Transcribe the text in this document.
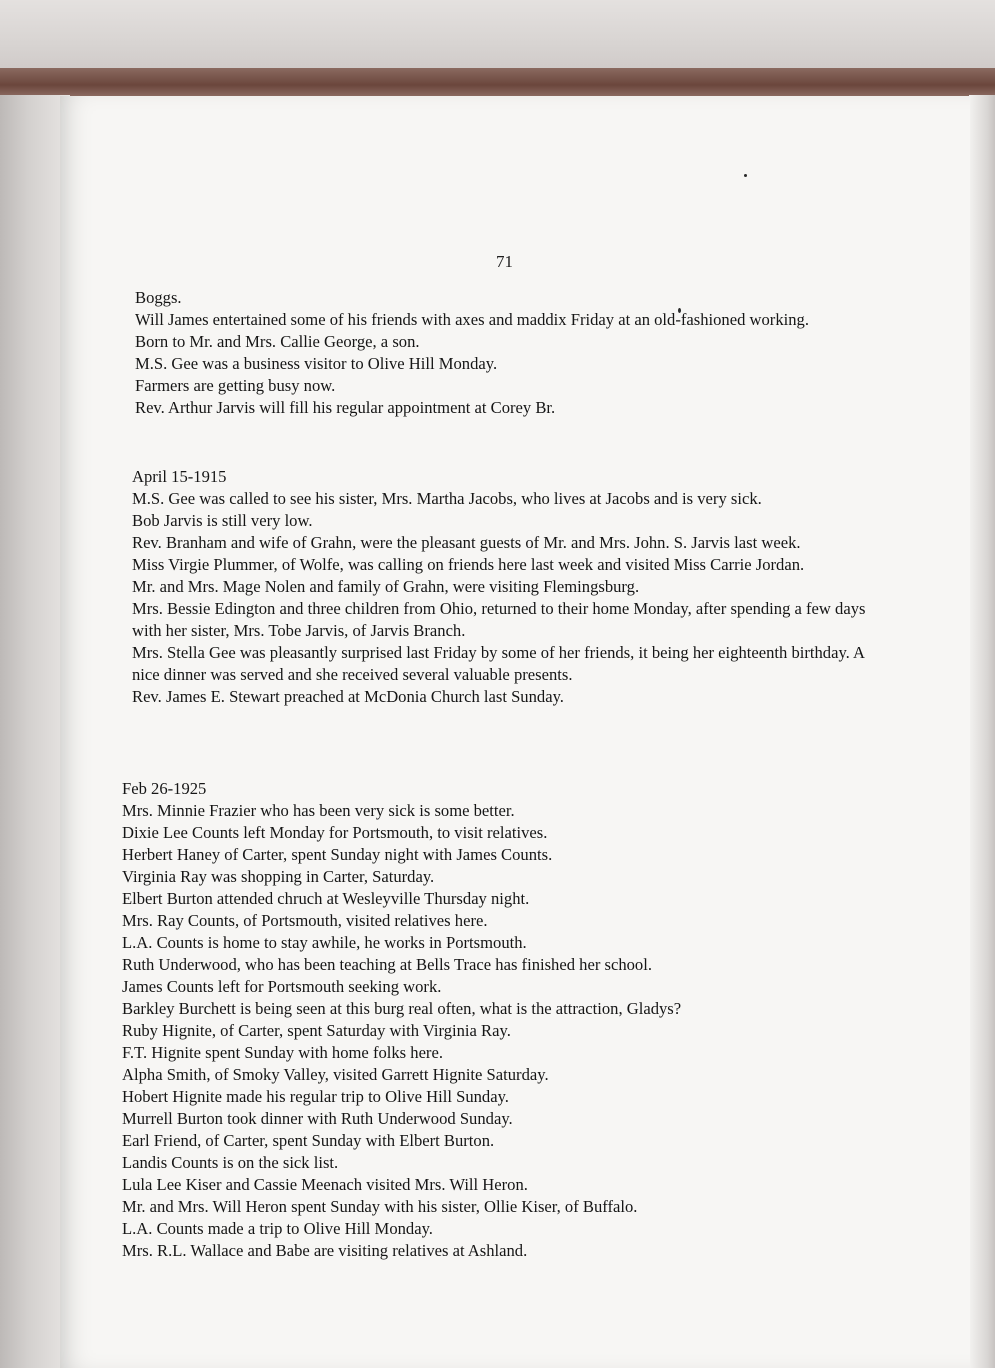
71

Boggs.

Will James entertained some of his friends with axes and maddix Friday at an old-fashioned working.

Born to Mr. and Mrs. Callie George, a son.

M.S. Gee was a business visitor to Olive Hill Monday.

Farmers are getting busy now.

Rev. Arthur Jarvis will fill his regular appointment at Corey Br.

April 15-1915

M.S. Gee was called to see his sister, Mrs. Martha Jacobs, who lives at Jacobs and is very sick.

Bob Jarvis is still very low.

Rev. Branham and wife of Grahn, were the pleasant guests of Mr. and Mrs. John. S. Jarvis last week.

Miss Virgie Plummer, of Wolfe, was calling on friends here last week and visited Miss Carrie Jordan.

Mr. and Mrs. Mage Nolen and family of Grahn, were visiting Flemingsburg.

Mrs. Bessie Edington and three children from Ohio, returned to their home Monday, after spending a few days with her sister, Mrs. Tobe Jarvis, of Jarvis Branch.

Mrs. Stella Gee was pleasantly surprised last Friday by some of her friends, it being her eighteenth birthday. A nice dinner was served and she received several valuable presents.

Rev. James E. Stewart preached at McDonia Church last Sunday.

Feb 26-1925

Mrs. Minnie Frazier who has been very sick is some better.

Dixie Lee Counts left Monday for Portsmouth, to visit relatives.

Herbert Haney of Carter, spent Sunday night with James Counts.

Virginia Ray was shopping in Carter, Saturday.

Elbert Burton attended chruch at Wesleyville Thursday night.

Mrs. Ray Counts, of Portsmouth, visited relatives here.

L.A. Counts is home to stay awhile, he works in Portsmouth.

Ruth Underwood, who has been teaching at Bells Trace has finished her school.

James Counts left for Portsmouth seeking work.

Barkley Burchett is being seen at this burg real often, what is the attraction, Gladys?

Ruby Hignite, of Carter, spent Saturday with Virginia Ray.

F.T. Hignite spent Sunday with home folks here.

Alpha Smith, of Smoky Valley, visited Garrett Hignite Saturday.

Hobert Hignite made his regular trip to Olive Hill Sunday.

Murrell Burton took dinner with Ruth Underwood Sunday.

Earl Friend, of Carter, spent Sunday with Elbert Burton.

Landis Counts is on the sick list.

Lula Lee Kiser and Cassie Meenach visited Mrs. Will Heron.

Mr. and Mrs. Will Heron spent Sunday with his sister, Ollie Kiser, of Buffalo.

L.A. Counts made a trip to Olive Hill Monday.

Mrs. R.L. Wallace and Babe are visiting relatives at Ashland.
